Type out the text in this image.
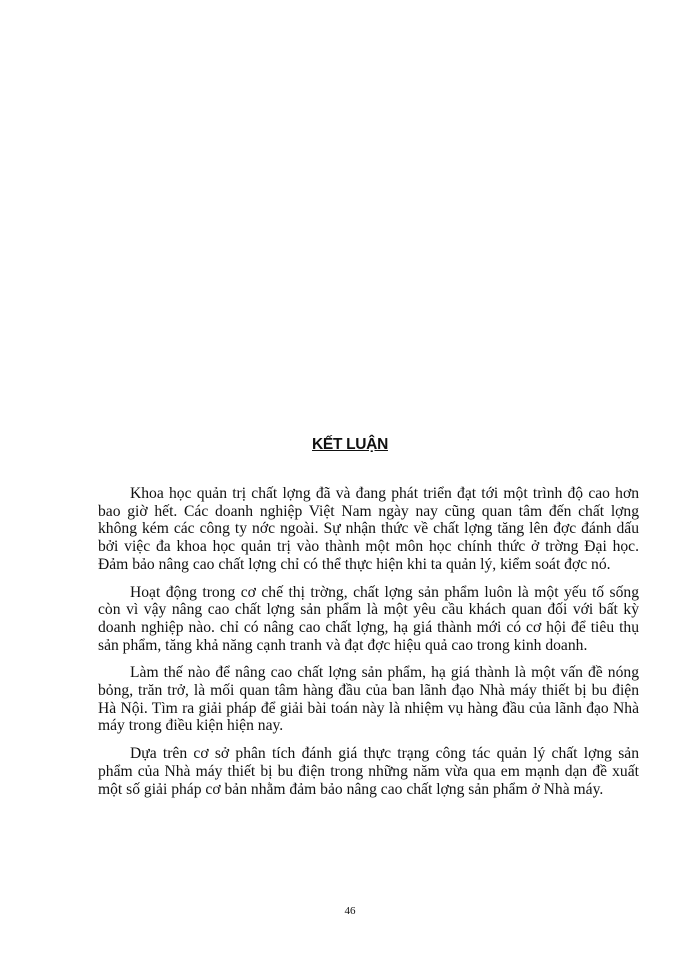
KẾT LUẬN

Khoa học quản trị chất lợng đã và đang phát triển đạt tới một trình độ cao hơn bao giờ hết. Các doanh nghiệp Việt Nam ngày nay cũng quan tâm đến chất lợng không kém các công ty nớc ngoài. Sự nhận thức về chất lợng tăng lên đợc đánh dấu bởi việc đa khoa học quản trị vào thành một môn học chính thức ở trờng Đại học. Đảm bảo nâng cao chất lợng chỉ có thể thực hiện khi ta quản lý, kiểm soát đợc nó.

Hoạt động trong cơ chế thị trờng, chất lợng sản phẩm luôn là một yếu tố sống còn vì vậy nâng cao chất lợng sản phẩm là một yêu cầu khách quan đối với bất kỳ doanh nghiệp nào. chỉ có nâng cao chất lợng, hạ giá thành mới có cơ hội để tiêu thụ sản phẩm, tăng khả năng cạnh tranh và đạt đợc hiệu quả cao trong kinh doanh.

Làm thế nào để nâng cao chất lợng sản phẩm, hạ giá thành là một vấn đề nóng bỏng, trăn trở, là mối quan tâm hàng đầu của ban lãnh đạo Nhà máy thiết bị bu điện Hà Nội. Tìm ra giải pháp để giải bài toán này là nhiệm vụ hàng đầu của lãnh đạo Nhà máy trong điều kiện hiện nay.

Dựa trên cơ sở phân tích đánh giá thực trạng công tác quản lý chất lợng sản phẩm của Nhà máy thiết bị bu điện trong những năm vừa qua em mạnh dạn đề xuất một số giải pháp cơ bản nhằm đảm bảo nâng cao chất lợng sản phẩm ở Nhà máy.

46
